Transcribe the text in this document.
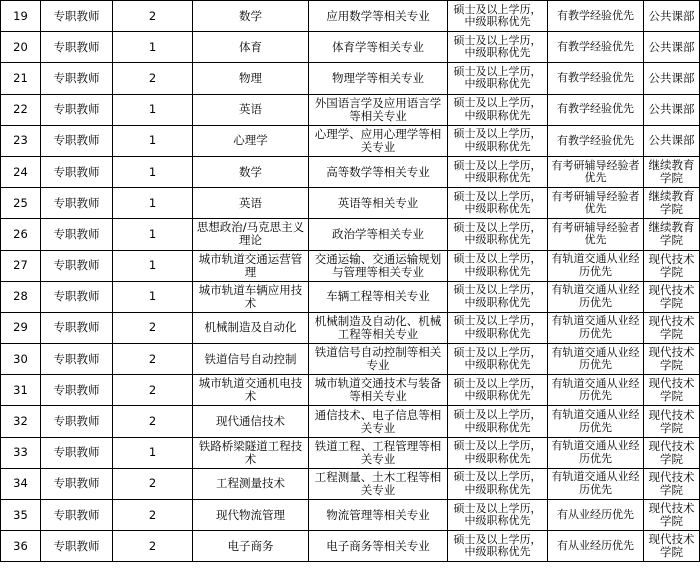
19	专职教师	2	数学	应用数学等相关专业	硕士及以上学历，中级职称优先	有教学经验优先	公共课部
20	专职教师	1	体育	体育学等相关专业	硕士及以上学历，中级职称优先	有教学经验优先	公共课部
21	专职教师	2	物理	物理学等相关专业	硕士及以上学历，中级职称优先	有教学经验优先	公共课部
22	专职教师	1	英语	外国语言学及应用语言学等相关专业	硕士及以上学历，中级职称优先	有教学经验优先	公共课部
23	专职教师	1	心理学	心理学、应用心理学等相关专业	硕士及以上学历，中级职称优先	有教学经验优先	公共课部
24	专职教师	1	数学	高等数学等相关专业	硕士及以上学历，中级职称优先	有考研辅导经验者优先	继续教育学院
25	专职教师	1	英语	英语等相关专业	硕士及以上学历，中级职称优先	有考研辅导经验者优先	继续教育学院
26	专职教师	1	思想政治/马克思主义理论	政治学等相关专业	硕士及以上学历，中级职称优先	有考研辅导经验者优先	继续教育学院
27	专职教师	1	城市轨道交通运营管理	交通运输、交通运输规划与管理等相关专业	硕士及以上学历，中级职称优先	有轨道交通从业经历优先	现代技术学院
28	专职教师	1	城市轨道车辆应用技术	车辆工程等相关专业	硕士及以上学历，中级职称优先	有轨道交通从业经历优先	现代技术学院
29	专职教师	2	机械制造及自动化	机械制造及自动化、机械工程等相关专业	硕士及以上学历，中级职称优先	有轨道交通从业经历优先	现代技术学院
30	专职教师	2	铁道信号自动控制	铁道信号自动控制等相关专业	硕士及以上学历，中级职称优先	有轨道交通从业经历优先	现代技术学院
31	专职教师	2	城市轨道交通机电技术	城市轨道交通技术与装备等相关专业	硕士及以上学历，中级职称优先	有轨道交通从业经历优先	现代技术学院
32	专职教师	2	现代通信技术	通信技术、电子信息等相关专业	硕士及以上学历，中级职称优先	有轨道交通从业经历优先	现代技术学院
33	专职教师	1	铁路桥梁隧道工程技术	铁道工程、工程管理等相关专业	硕士及以上学历，中级职称优先	有轨道交通从业经历优先	现代技术学院
34	专职教师	2	工程测量技术	工程测量、土木工程等相关专业	硕士及以上学历，中级职称优先	有轨道交通从业经历优先	现代技术学院
35	专职教师	2	现代物流管理	物流管理等相关专业	硕士及以上学历，中级职称优先	有从业经历优先	现代技术学院
36	专职教师	2	电子商务	电子商务等相关专业	硕士及以上学历，中级职称优先	有从业经历优先	现代技术学院
